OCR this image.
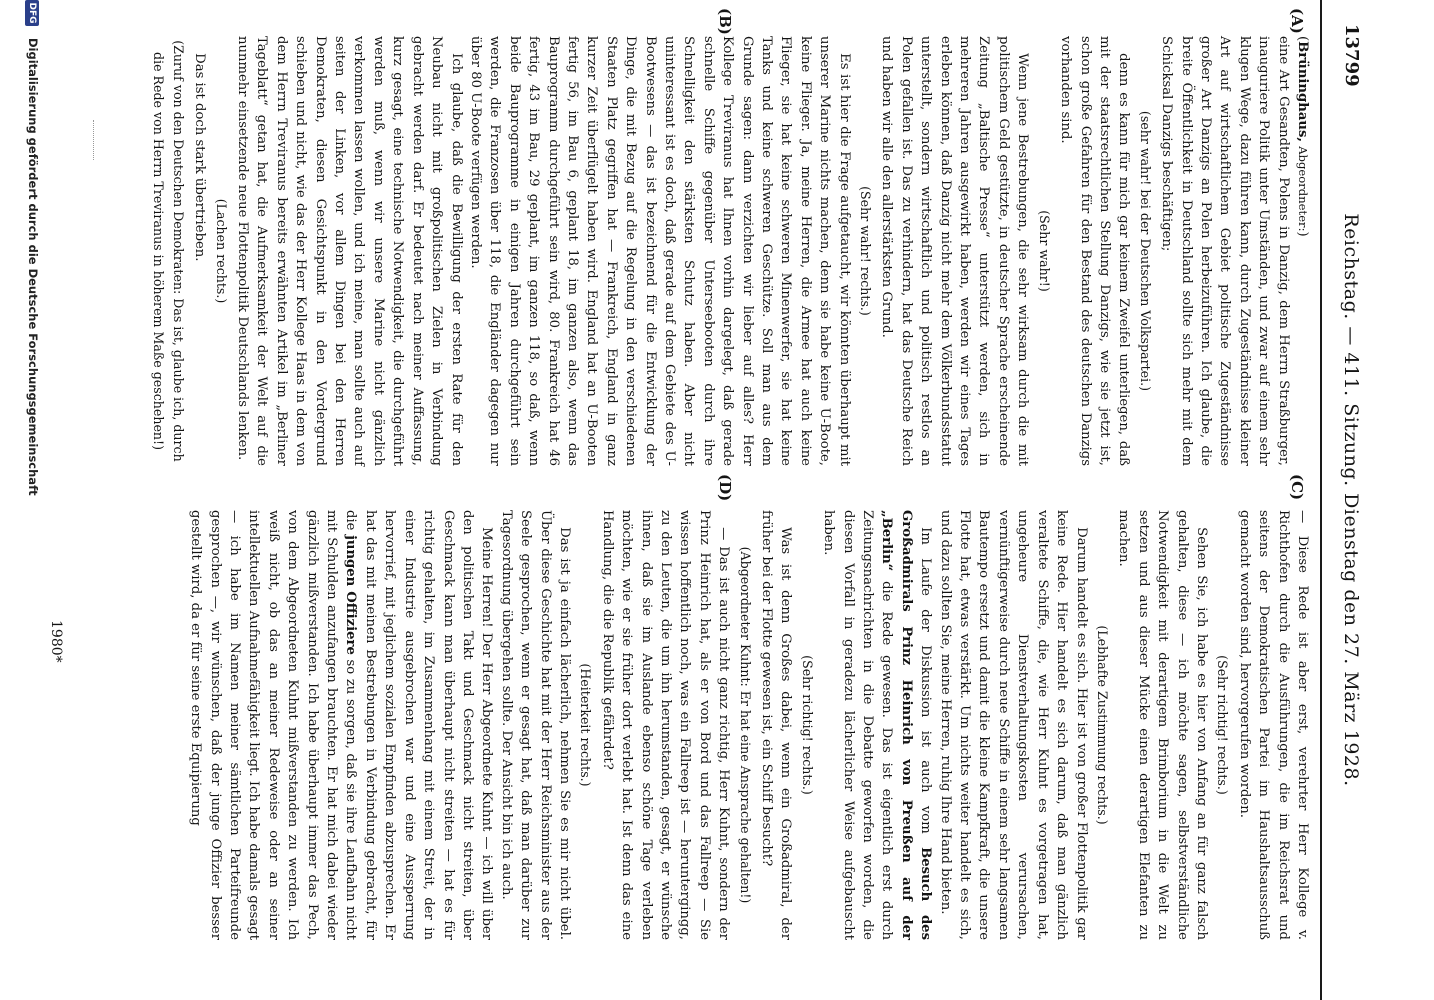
13799
Reichstag. — 411. Sitzung. Dienstag den 27. März 1928.
(A)
(B)
(C)
(D)

(Brüninghaus, Abgeordneter:)

eine Art Gesandten, Polens in Danzig, dem Herrn Straßburger, inauguriere Politik unter Umständen, und zwar auf einem sehr klugen Wege, dazu führen kann, durch Zugeständnisse kleiner Art auf wirtschaftlichem Gebiet politische Zugeständnisse großer Art Danzigs an Polen herbeizuführen. Ich glaube, die breite Öffentlichkeit in Deutschland sollte sich mehr mit dem Schicksal Danzigs beschäftigen;

(sehr wahr! bei der Deutschen Volkspartei.)

denn es kann für mich gar keinem Zweifel unterliegen, daß mit der staatsrechtlichen Stellung Danzigs, wie sie jetzt ist, schon große Gefahren für den Bestand des deutschen Danzigs vorhanden sind.

(Sehr wahr!)

Wenn jene Bestrebungen, die sehr wirksam durch die mit politischem Geld gestützte, in deutscher Sprache erscheinende Zeitung „Baltische Presse“ unterstützt werden, sich in mehreren Jahren ausgewirkt haben, werden wir eines Tages erleben können, daß Danzig nicht mehr dem Völkerbundsstatut unterstellt, sondern wirtschaftlich und politisch restlos an Polen gefallen ist. Das zu verhindern, hat das Deutsche Reich und haben wir alle den allerstärksten Grund.

(Sehr wahr! rechts.)

Es ist hier die Frage aufgetaucht, wir könnten überhaupt mit unserer Marine nichts machen, denn sie habe keine U-Boote, keine Flieger. Ja, meine Herren, die Armee hat auch keine Flieger, sie hat keine schweren Minenwerfer, sie hat keine Tanks und keine schweren Geschütze. Soll man aus dem Grunde sagen: dann verzichten wir lieber auf alles? Herr Kollege Treviranus hat Ihnen vorhin dargelegt, daß gerade schnelle Schiffe gegenüber Unterseebooten durch ihre Schnelligkeit den stärksten Schutz haben. Aber nicht uninteressant ist es doch, daß gerade auf dem Gebiete des U-Bootwesens — das ist bezeichnend für die Entwicklung der Dinge, die mit Bezug auf die Regelung in den verschiedenen Staaten Platz gegriffen hat — Frankreich, England in ganz kurzer Zeit überflügelt haben wird. England hat an U-Booten fertig 56, im Bau 6, geplant 18, im ganzen also, wenn das Bauprogramm durchgeführt sein wird, 80. Frankreich hat 46 fertig, 43 im Bau, 29 geplant, im ganzen 118, so daß, wenn beide Bauprogramme in einigen Jahren durchgeführt sein werden, die Franzosen über 118, die Engländer dagegen nur über 80 U-Boote verfügen werden.

Ich glaube, daß die Bewilligung der ersten Rate für den Neubau nicht mit großpolitischen Zielen in Verbindung gebracht werden darf. Er bedeutet nach meiner Auffassung, kurz gesagt, eine technische Notwendigkeit, die durchgeführt werden muß, wenn wir unsere Marine nicht gänzlich verkommen lassen wollen, und ich meine, man sollte auch auf seiten der Linken, vor allem Dingen bei den Herren Demokraten, diesen Gesichtspunkt in den Vordergrund schieben und nicht, wie das der Herr Kollege Haas in dem von dem Herrn Treviranus bereits erwähnten Artikel im „Berliner Tageblatt“ getan hat, die Aufmerksamkeit der Welt auf die nunmehr einsetzende neue Flottenpolitik Deutschlands lenken.

(Lachen rechts.)

Das ist doch stark übertrieben.

(Zuruf von den Deutschen Demokraten: Das ist, glaube ich, durch die Rede von Herrn Treviranus in höherem Maße geschehen!)

— Diese Rede ist aber erst, verehrter Herr Kollege v. Richthofen durch die Ausführungen, die im Reichsrat und seitens der Demokratischen Partei im Haushaltsausschuß gemacht worden sind, hervorgerufen worden.

(Sehr richtig! rechts.)

Sehen Sie, ich habe es hier von Anfang an für ganz falsch gehalten, diese — ich möchte sagen, selbstverständliche Notwendigkeit mit derartigem Brimborium in die Welt zu setzen und aus dieser Mücke einen derartigen Elefanten zu machen.

(Lebhafte Zustimmung rechts.)

Darum handelt es sich. Hier ist von großer Flottenpolitik gar keine Rede. Hier handelt es sich darum, daß man gänzlich veraltete Schiffe, die, wie Herr Kuhnt es vorgetragen hat, ungeheure Dienstverhaltungskosten verursachen, vernünftigerweise durch neue Schiffe in einem sehr langsamen Bautempo ersetzt und damit die kleine Kampfkraft, die unsere Flotte hat, etwas verstärkt. Um nichts weiter handelt es sich, und dazu sollten Sie, meine Herren, ruhig Ihre Hand bieten.

Im Laufe der Diskussion ist auch vom Besuch des Großadmirals Prinz Heinrich von Preußen auf der „Berlin“ die Rede gewesen. Das ist eigentlich erst durch Zeitungsnachrichten in die Debatte geworfen worden, die diesen Vorfall in geradezu lächerlicher Weise aufgebauscht haben.

(Sehr richtig! rechts.)

Was ist denn Großes dabei, wenn ein Großadmiral, der früher bei der Flotte gewesen ist, ein Schiff besucht?

(Abgeordneter Kuhnt: Er hat eine Ansprache gehalten!)

— Das ist auch nicht ganz richtig, Herr Kuhnt, sondern der Prinz Heinrich hat, als er von Bord und das Fallreep — Sie wissen hoffentlich noch, was ein Fallreep ist — heruntergingg, zu den Leuten, die um ihn herumstanden, gesagt, er wünsche ihnen, daß sie im Auslande ebenso schöne Tage verleben möchten, wie er sie früher dort verlebt hat. Ist denn das eine Handlung, die die Republik gefährdet?

(Heiterkeit rechts.)

Das ist ja einfach lächerlich, nehmen Sie es mir nicht übel. Über diese Geschichte hat mit der Herr Reichsminister aus der Seele gesprochen, wenn er gesagt hat, daß man darüber zur Tagesordnung übergehen sollte. Der Ansicht bin ich auch.

Meine Herren! Der Herr Abgeordnete Kuhnt — ich will über den politischen Takt und Geschmack nicht streiten, über Geschmack kann man überhaupt nicht streiten — hat es für richtig gehalten, im Zusammenhang mit einem Streit, der in einer Industrie ausgebrochen war und eine Aussperrung hervorrief, mit jeglichem sozialen Empfinden abzusprechen. Er hat das mit meinen Bestrebungen in Verbindung gebracht, für die jungen Offiziere so zu sorgen, daß sie ihre Laufbahn nicht mit Schulden anzufangen brauchten. Er hat mich dabei wieder gänzlich mißverstanden. Ich habe überhaupt immer das Pech, von dem Abgeordneten Kuhnt mißverstanden zu werden. Ich weiß nicht, ob das an meiner Redeweise oder an seiner intellektuellen Aufnahmefähigkeit liegt. Ich habe damals gesagt — ich habe im Namen meiner sämtlichen Parteifreunde gesprochen —, wir wünschen, daß der junge Offizier besser gestellt wird, da er für seine erste Equipierung

1980*
DFG Digitalisierung gefördert durch die Deutsche Forschungsgemeinschaft
